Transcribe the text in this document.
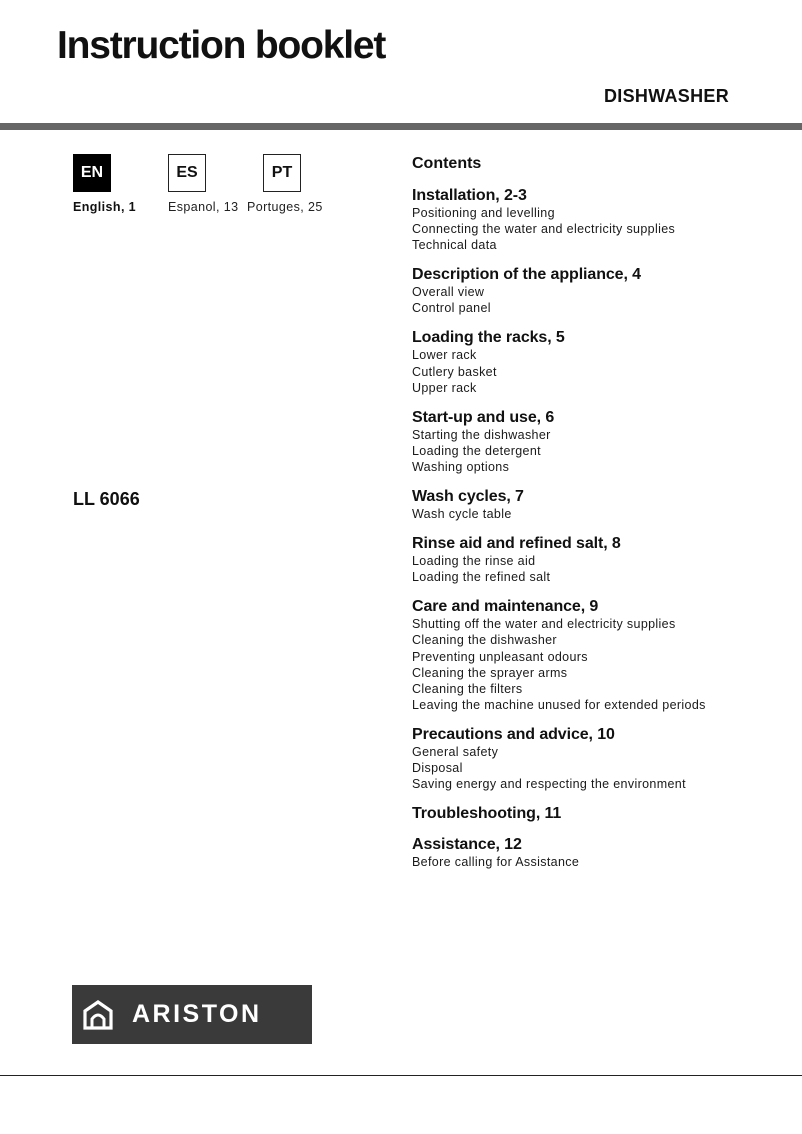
Instruction booklet
DISHWASHER
EN	ES	PT
English, 1	Espanol, 13 Portuges, 25
LL 6066
Contents
Installation, 2-3
Positioning and levelling
Connecting the water and electricity supplies
Technical data
Description of the appliance, 4
Overall view
Control panel
Loading the racks, 5
Lower rack
Cutlery basket
Upper rack
Start-up and use, 6
Starting the dishwasher
Loading the detergent
Washing options
Wash cycles, 7
Wash cycle table
Rinse aid and refined salt, 8
Loading the rinse aid
Loading the refined salt
Care and maintenance, 9
Shutting off the water and electricity supplies
Cleaning the dishwasher
Preventing unpleasant odours
Cleaning the sprayer arms
Cleaning the filters
Leaving the machine unused for extended periods
Precautions and advice, 10
General safety
Disposal
Saving energy and respecting the environment
Troubleshooting, 11
Assistance, 12
Before calling for Assistance
ARISTON
